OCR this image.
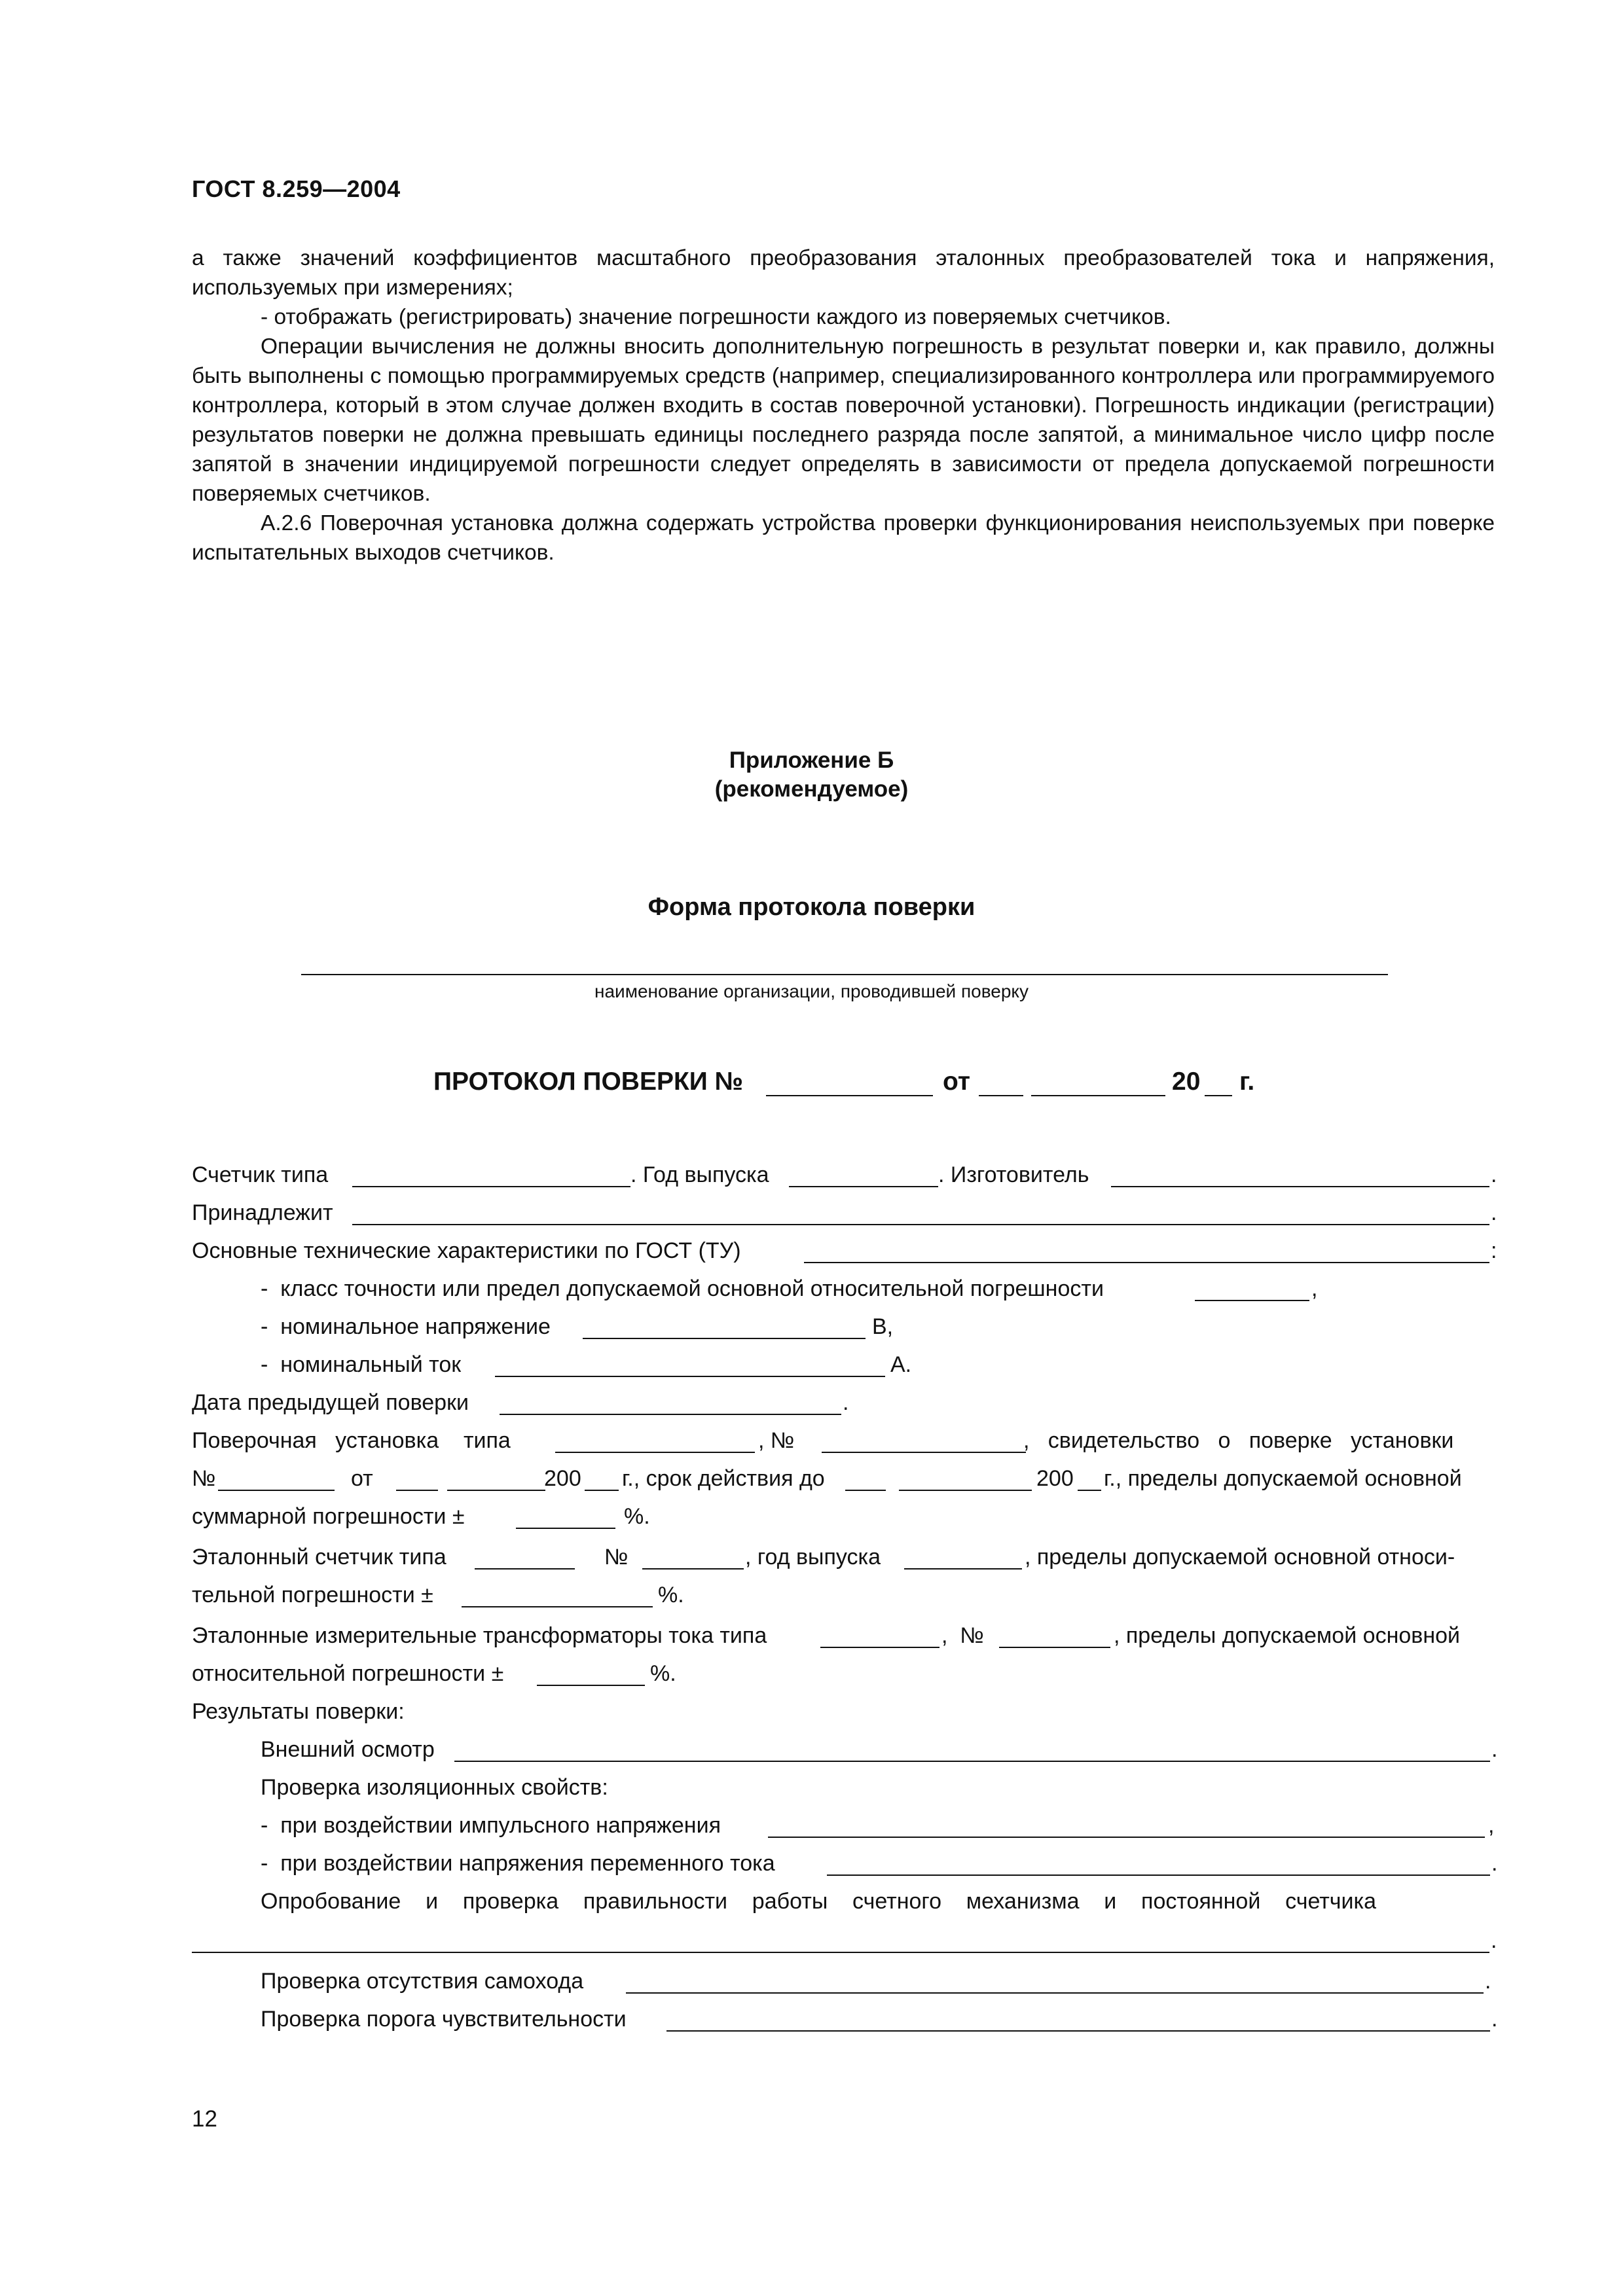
ГОСТ 8.259—2004
а также значений коэффициентов масштабного преобразования эталонных преобразователей тока и напряжения, используемых при измерениях;
- отображать (регистрировать) значение погрешности каждого из поверяемых счетчиков.
Операции вычисления не должны вносить дополнительную погрешность в результат поверки и, как правило, должны быть выполнены с помощью программируемых средств (например, специализированного контроллера или программируемого контроллера, который в этом случае должен входить в состав поверочной установки). Погрешность индикации (регистрации) результатов поверки не должна превышать единицы последнего разряда после запятой, а минимальное число цифр после запятой в значении индицируемой погрешности следует определять в зависимости от предела допускаемой погрешности поверяемых счетчиков.
А.2.6 Поверочная установка должна содержать устройства проверки функционирования неиспользуемых при поверке испытательных выходов счетчиков.
Приложение Б
(рекомендуемое)
Форма протокола поверки
наименование организации, проводившей поверку
ПРОТОКОЛ ПОВЕРКИ №	от	20 г.
Счетчик типа	. Год выпуска	. Изготовитель	.
Принадлежит	.
Основные технические характеристики по ГОСТ (ТУ)	:
-  класс точности или предел допускаемой основной относительной погрешности	,
-  номинальное напряжение	В,
-  номинальный ток	А.
Дата предыдущей поверки	.
Поверочная   установка    типа	, №	,   свидетельство   о   поверке   установки
№	от	200 г., срок действия до	200 г., пределы допускаемой основной
суммарной погрешности ±	%.
Эталонный счетчик типа	№	, год выпуска	, пределы допускаемой основной относи-
тельной погрешности ±	%.
Эталонные измерительные трансформаторы тока типа	,  №	, пределы допускаемой основной
относительной погрешности ±	%.
Результаты поверки:
Внешний осмотр	.
Проверка изоляционных свойств:
-  при воздействии импульсного напряжения	,
-  при воздействии напряжения переменного тока	.
Опробование    и    проверка    правильности    работы    счетного    механизма    и    постоянной    счетчика
.
Проверка отсутствия самохода	.
Проверка порога чувствительности	.
12
